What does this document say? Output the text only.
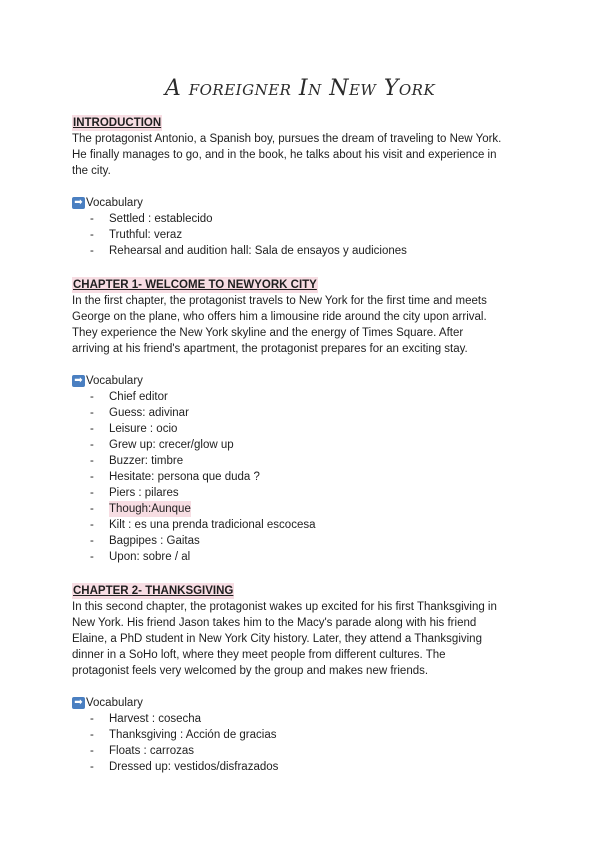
A foreigner In New York
INTRODUCTION

The protagonist Antonio, a Spanish boy, pursues the dream of traveling to New York.

He finally manages to go, and in the book, he talks about his visit and experience in

the city.

➡ Vocabulary
-	Settled : establecido
-	Truthful: veraz
-	Rehearsal and audition hall: Sala de ensayos y audiciones
CHAPTER 1- WELCOME TO NEWYORK CITY

In the first chapter, the protagonist travels to New York for the first time and meets

George on the plane, who offers him a limousine ride around the city upon arrival.

They experience the New York skyline and the energy of Times Square. After

arriving at his friend's apartment, the protagonist prepares for an exciting stay.

➡ Vocabulary
-	Chief editor
-	Guess: adivinar
-	Leisure : ocio
-	Grew up: crecer/glow up
-	Buzzer: timbre
-	Hesitate: persona que duda ?
-	Piers : pilares
-	Though:Aunque
-	Kilt : es una prenda tradicional escocesa
-	Bagpipes : Gaitas
-	Upon: sobre / al
CHAPTER 2- THANKSGIVING

In this second chapter, the protagonist wakes up excited for his first Thanksgiving in

New York. His friend Jason takes him to the Macy's parade along with his friend

Elaine, a PhD student in New York City history. Later, they attend a Thanksgiving

dinner in a SoHo loft, where they meet people from different cultures. The

protagonist feels very welcomed by the group and makes new friends.

➡ Vocabulary
-	Harvest : cosecha
-	Thanksgiving : Acción de gracias
-	Floats : carrozas
-	Dressed up: vestidos/disfrazados
